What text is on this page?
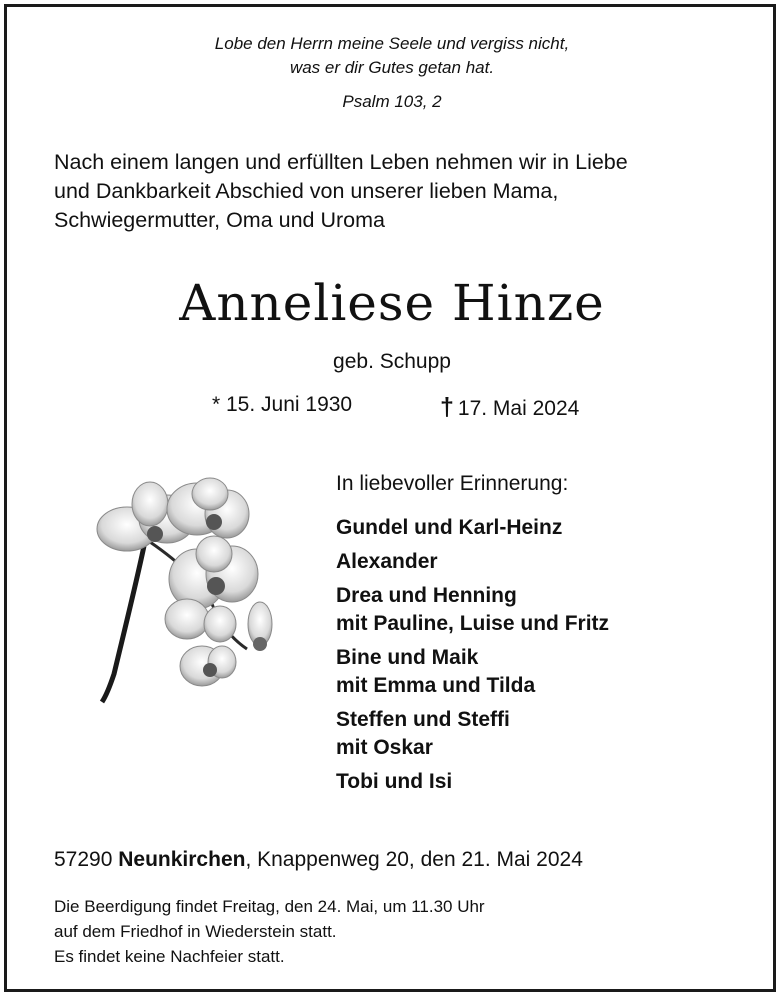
Lobe den Herrn meine Seele und vergiss nicht,
was er dir Gutes getan hat.
Psalm 103, 2
Nach einem langen und erfüllten Leben nehmen wir in Liebe
und Dankbarkeit Abschied von unserer lieben Mama,
Schwiegermutter, Oma und Uroma
Anneliese Hinze
geb. Schupp
* 15. Juni 1930	† 17. Mai 2024
In liebevoller Erinnerung:
Gundel und Karl-Heinz
Alexander
Drea und Henning
mit Pauline, Luise und Fritz
Bine und Maik
mit Emma und Tilda
Steffen und Steffi
mit Oskar
Tobi und Isi
57290 Neunkirchen, Knappenweg 20, den 21. Mai 2024
Die Beerdigung findet Freitag, den 24. Mai, um 11.30 Uhr
auf dem Friedhof in Wiederstein statt.
Es findet keine Nachfeier statt.
